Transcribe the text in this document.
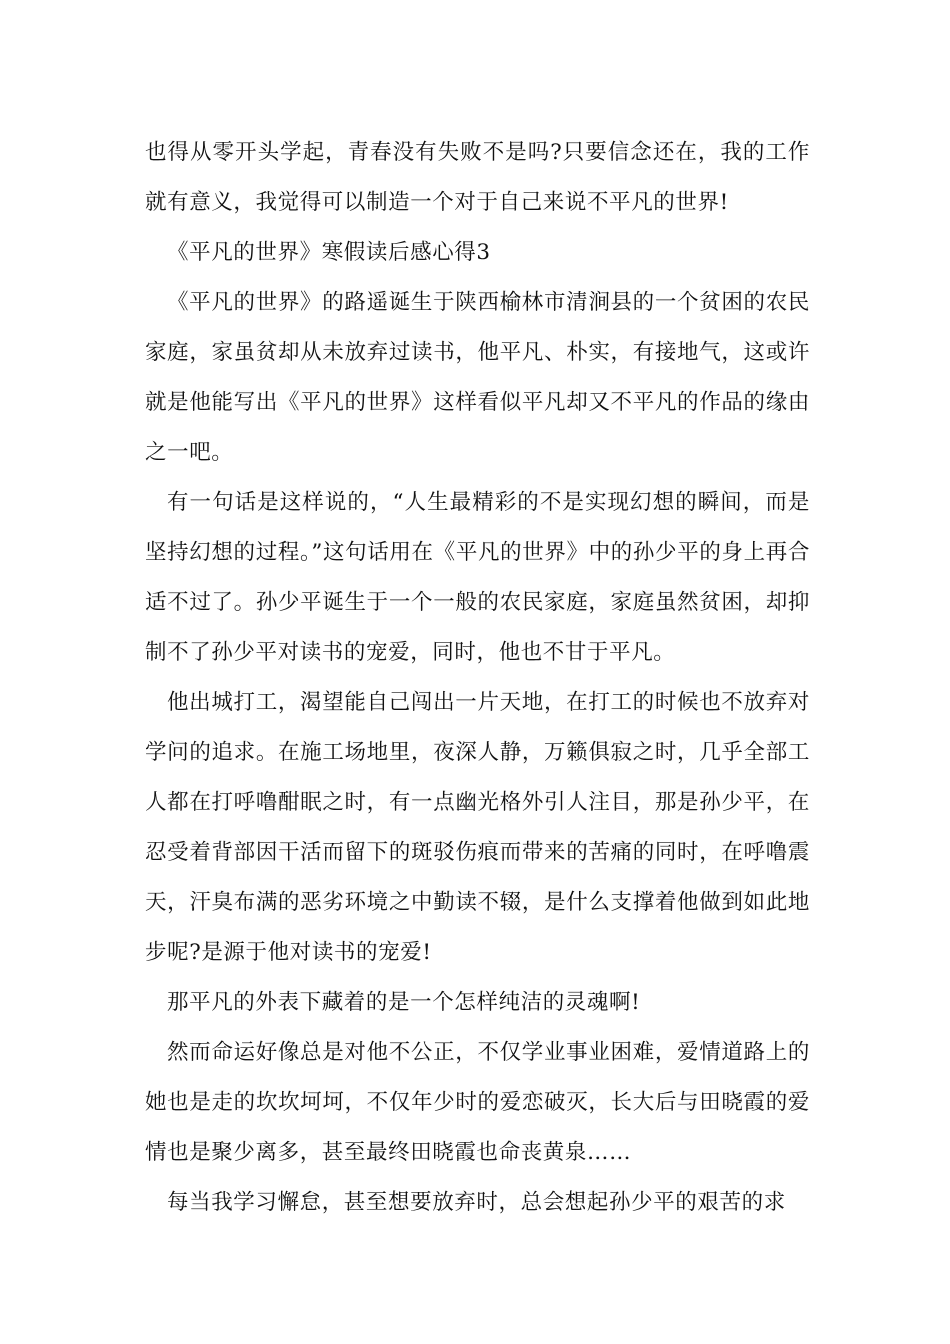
也得从零开头学起，青春没有失败不是吗?只要信念还在，我的工作就有意义，我觉得可以制造一个对于自己来说不平凡的世界!

《平凡的世界》寒假读后感心得3

《平凡的世界》的路遥诞生于陕西榆林市清涧县的一个贫困的农民家庭，家虽贫却从未放弃过读书，他平凡、朴实，有接地气，这或许就是他能写出《平凡的世界》这样看似平凡却又不平凡的作品的缘由之一吧。

有一句话是这样说的，“人生最精彩的不是实现幻想的瞬间，而是坚持幻想的过程。”这句话用在《平凡的世界》中的孙少平的身上再合适不过了。孙少平诞生于一个一般的农民家庭，家庭虽然贫困，却抑制不了孙少平对读书的宠爱，同时，他也不甘于平凡。

他出城打工，渴望能自己闯出一片天地，在打工的时候也不放弃对学问的追求。在施工场地里，夜深人静，万籁俱寂之时，几乎全部工人都在打呼噜酣眠之时，有一点幽光格外引人注目，那是孙少平，在忍受着背部因干活而留下的斑驳伤痕而带来的苦痛的同时，在呼噜震天，汗臭布满的恶劣环境之中勤读不辍，是什么支撑着他做到如此地步呢?是源于他对读书的宠爱!

那平凡的外表下藏着的是一个怎样纯洁的灵魂啊!

然而命运好像总是对他不公正，不仅学业事业困难，爱情道路上的她也是走的坎坎坷坷，不仅年少时的爱恋破灭，长大后与田晓霞的爱情也是聚少离多，甚至最终田晓霞也命丧黄泉……

每当我学习懈怠，甚至想要放弃时，总会想起孙少平的艰苦的求
